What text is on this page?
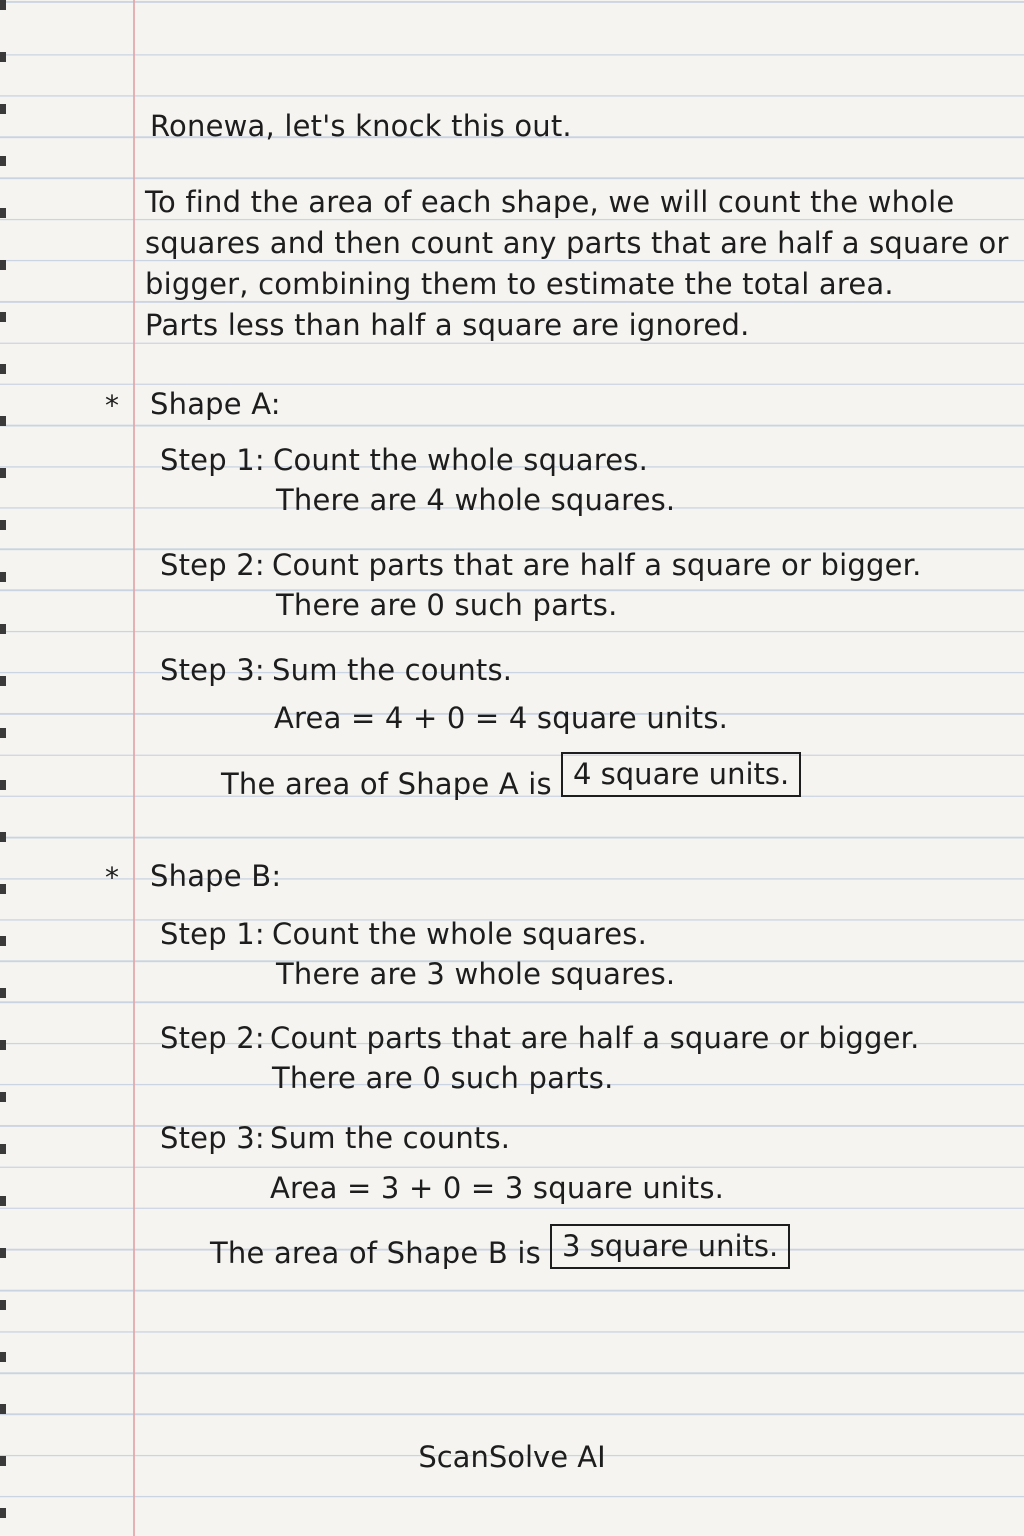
Ronewa, let's knock this out.
To find the area of each shape, we will count the whole
squares and then count any parts that are half a square or
bigger, combining them to estimate the total area.
Parts less than half a square are ignored.
* Shape A:
Step 1: Count the whole squares.
There are 4 whole squares.
Step 2: Count parts that are half a square or bigger.
There are 0 such parts.
Step 3: Sum the counts.
Area = 4 + 0 = 4 square units.
The area of Shape A is 4 square units.
* Shape B:
Step 1: Count the whole squares.
There are 3 whole squares.
Step 2: Count parts that are half a square or bigger.
There are 0 such parts.
Step 3: Sum the counts.
Area = 3 + 0 = 3 square units.
The area of Shape B is 3 square units.
ScanSolve AI
